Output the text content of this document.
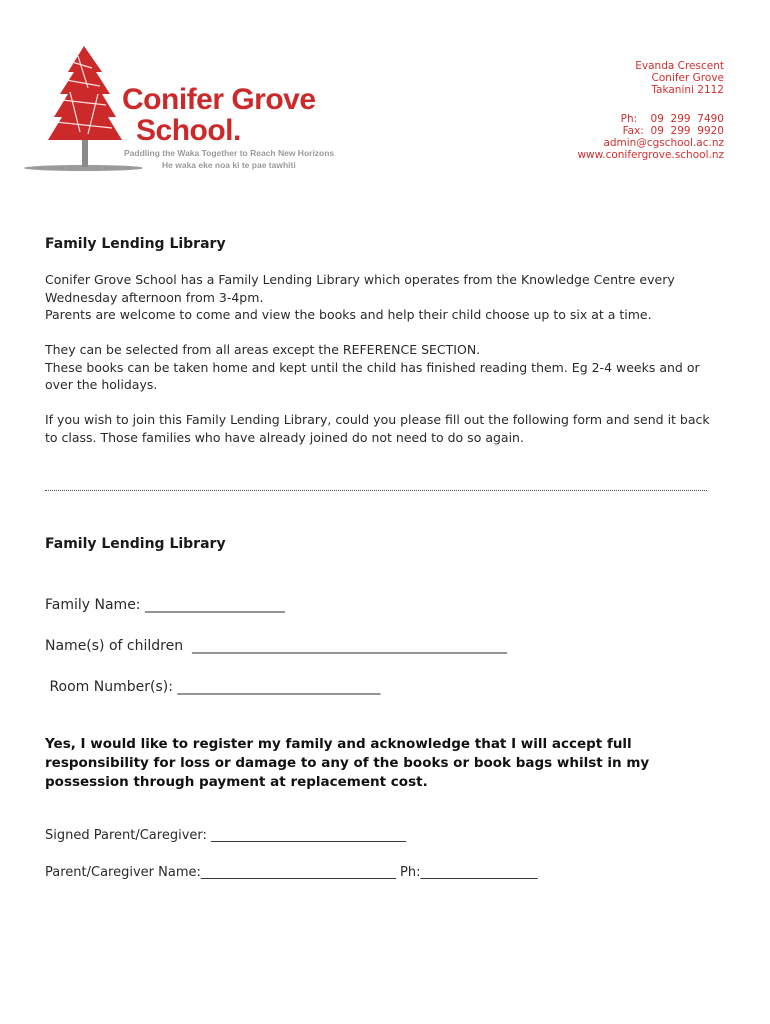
Conifer Grove
School.
Paddling the Waka Together to Reach New Horizons
He waka eke noa ki te pae tawhiti
Evanda Crescent
Conifer Grove
Takanini 2112
Ph:    09  299  7490
Fax:  09  299  9920
admin@cgschool.ac.nz
www.conifergrove.school.nz
Family Lending Library

Conifer Grove School has a Family Lending Library which operates from the Knowledge Centre every Wednesday afternoon from 3-4pm.

Parents are welcome to come and view the books and help their child choose up to six at a time.

They can be selected from all areas except the REFERENCE SECTION.

These books can be taken home and kept until the child has finished reading them. Eg 2-4 weeks and or over the holidays.

If you wish to join this Family Lending Library, could you please fill out the following form and send it back to class. Those families who have already joined do not need to do so again.

Family Lending Library
Family Name: ____________________
Name(s) of children  _____________________________________________
Room Number(s): _____________________________
Yes, I would like to register my family and acknowledge that I will accept full responsibility for loss or damage to any of the books or book bags whilst in my possession through payment at replacement cost.
Signed Parent/Caregiver: ______________________________
Parent/Caregiver Name:______________________________ Ph:__________________
